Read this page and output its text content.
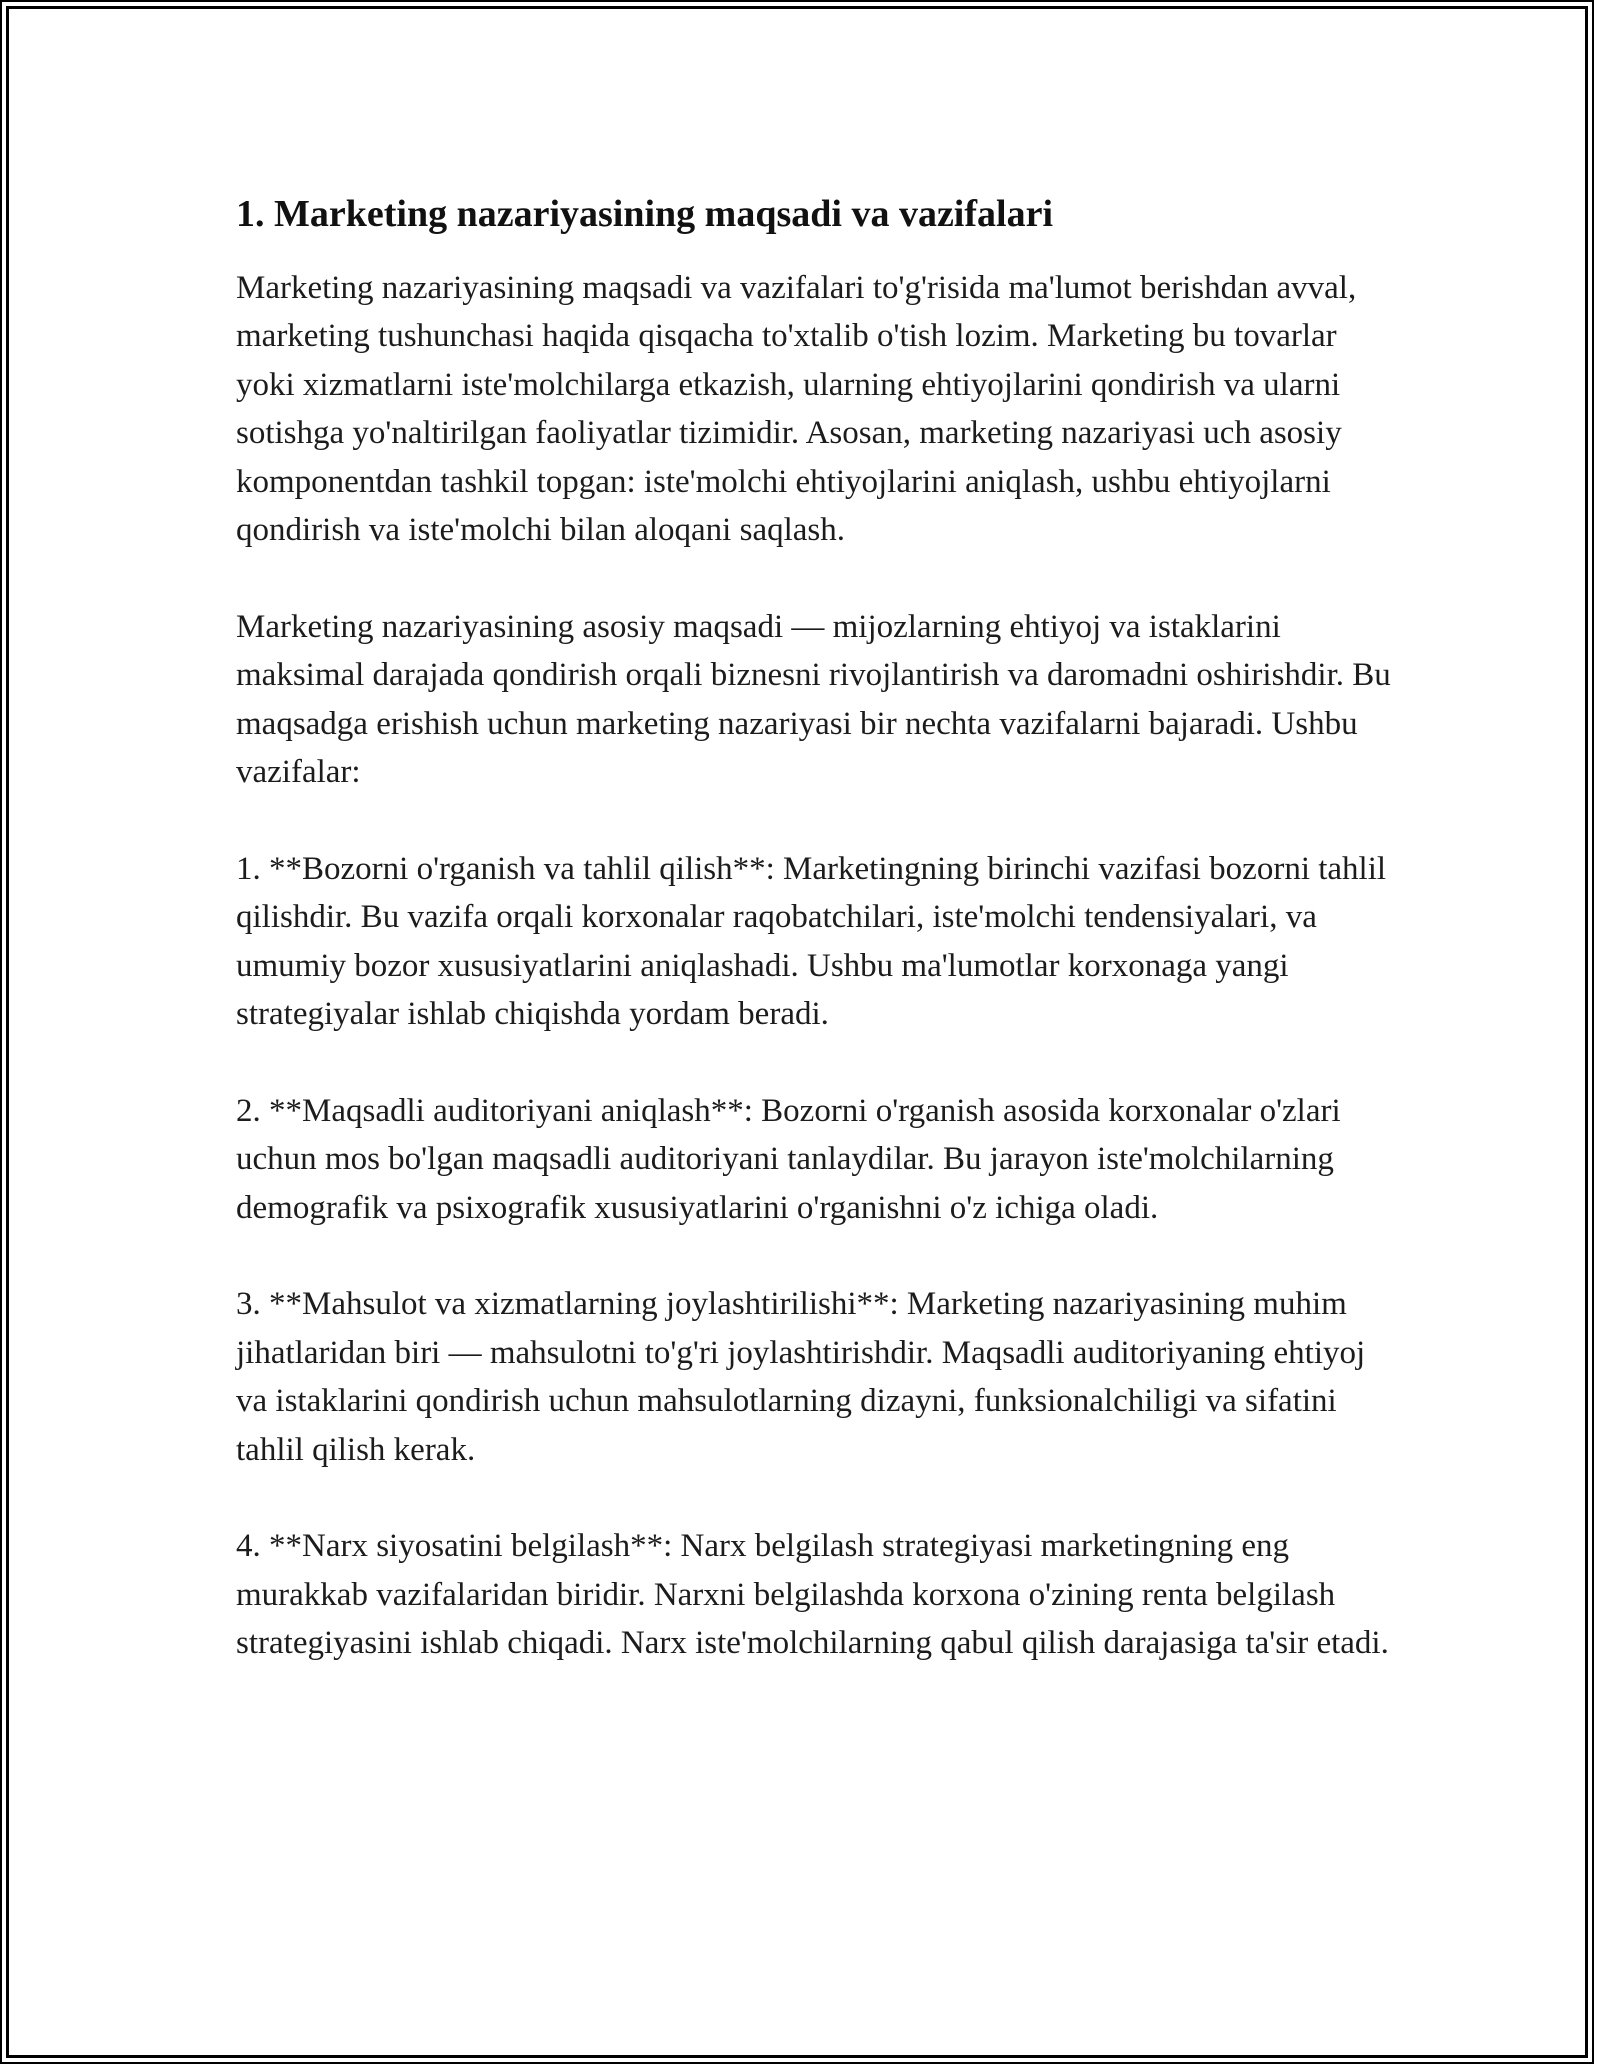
1. Marketing nazariyasining maqsadi va vazifalari

Marketing nazariyasining maqsadi va vazifalari to'g'risida ma'lumot berishdan avval, marketing tushunchasi haqida qisqacha to'xtalib o'tish lozim. Marketing bu tovarlar yoki xizmatlarni iste'molchilarga etkazish, ularning ehtiyojlarini qondirish va ularni sotishga yo'naltirilgan faoliyatlar tizimidir. Asosan, marketing nazariyasi uch asosiy komponentdan tashkil topgan: iste'molchi ehtiyojlarini aniqlash, ushbu ehtiyojlarni qondirish va iste'molchi bilan aloqani saqlash.

Marketing nazariyasining asosiy maqsadi — mijozlarning ehtiyoj va istaklarini maksimal darajada qondirish orqali biznesni rivojlantirish va daromadni oshirishdir. Bu maqsadga erishish uchun marketing nazariyasi bir nechta vazifalarni bajaradi. Ushbu vazifalar:

1. **Bozorni o'rganish va tahlil qilish**: Marketingning birinchi vazifasi bozorni tahlil qilishdir. Bu vazifa orqali korxonalar raqobatchilari, iste'molchi tendensiyalari, va umumiy bozor xususiyatlarini aniqlashadi. Ushbu ma'lumotlar korxonaga yangi strategiyalar ishlab chiqishda yordam beradi.

2. **Maqsadli auditoriyani aniqlash**: Bozorni o'rganish asosida korxonalar o'zlari uchun mos bo'lgan maqsadli auditoriyani tanlaydilar. Bu jarayon iste'molchilarning demografik va psixografik xususiyatlarini o'rganishni o'z ichiga oladi.

3. **Mahsulot va xizmatlarning joylashtirilishi**: Marketing nazariyasining muhim jihatlaridan biri — mahsulotni to'g'ri joylashtirishdir. Maqsadli auditoriyaning ehtiyoj va istaklarini qondirish uchun mahsulotlarning dizayni, funksionalchiligi va sifatini tahlil qilish kerak.

4. **Narx siyosatini belgilash**: Narx belgilash strategiyasi marketingning eng murakkab vazifalaridan biridir. Narxni belgilashda korxona o'zining renta belgilash strategiyasini ishlab chiqadi. Narx iste'molchilarning qabul qilish darajasiga ta'sir etadi.
